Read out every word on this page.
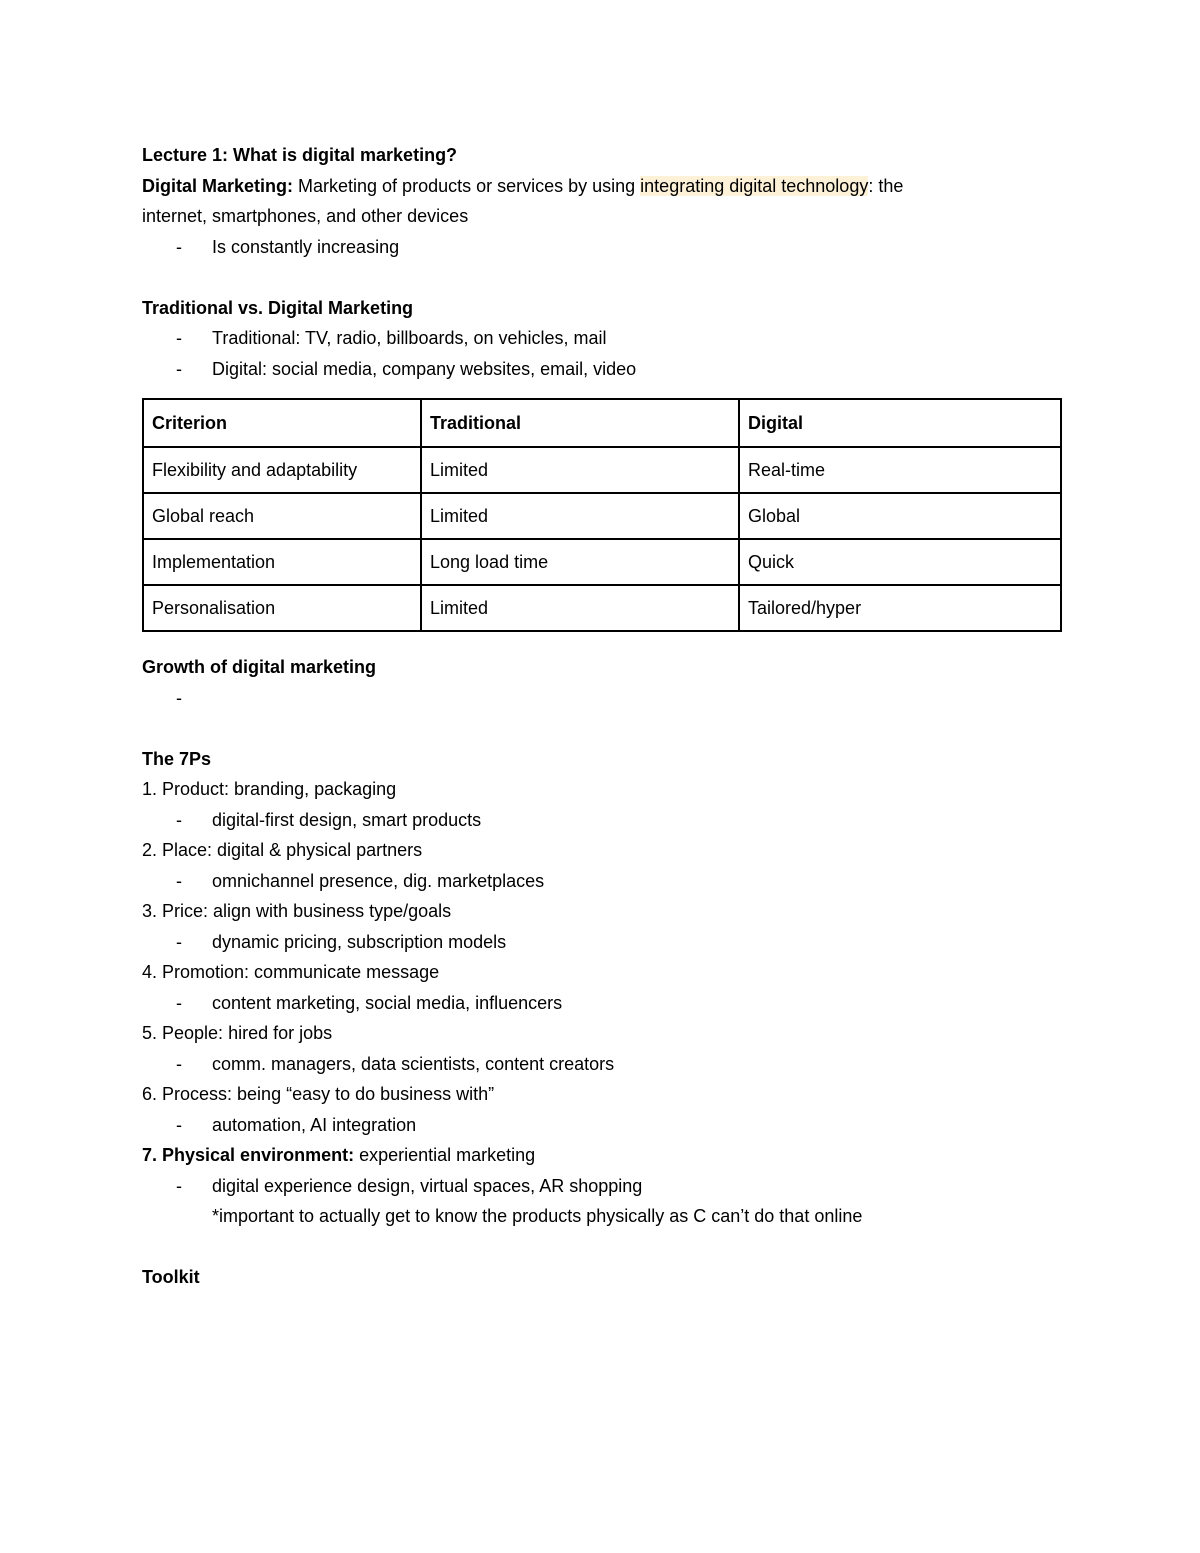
Lecture 1: What is digital marketing?
Digital Marketing: Marketing of products or services by using integrating digital technology: the
internet, smartphones, and other devices
- Is constantly increasing
Traditional vs. Digital Marketing
- Traditional: TV, radio, billboards, on vehicles, mail
- Digital: social media, company websites, email, video
Criterion	Traditional	Digital
Flexibility and adaptability	Limited	Real-time
Global reach	Limited	Global
Implementation	Long load time	Quick
Personalisation	Limited	Tailored/hyper
Growth of digital marketing
-
The 7Ps
1. Product: branding, packaging
- digital-first design, smart products
2. Place: digital & physical partners
- omnichannel presence, dig. marketplaces
3. Price: align with business type/goals
- dynamic pricing, subscription models
4. Promotion: communicate message
- content marketing, social media, influencers
5. People: hired for jobs
- comm. managers, data scientists, content creators
6. Process: being “easy to do business with”
- automation, AI integration
7. Physical environment: experiential marketing
- digital experience design, virtual spaces, AR shopping
*important to actually get to know the products physically as C can’t do that online
Toolkit
